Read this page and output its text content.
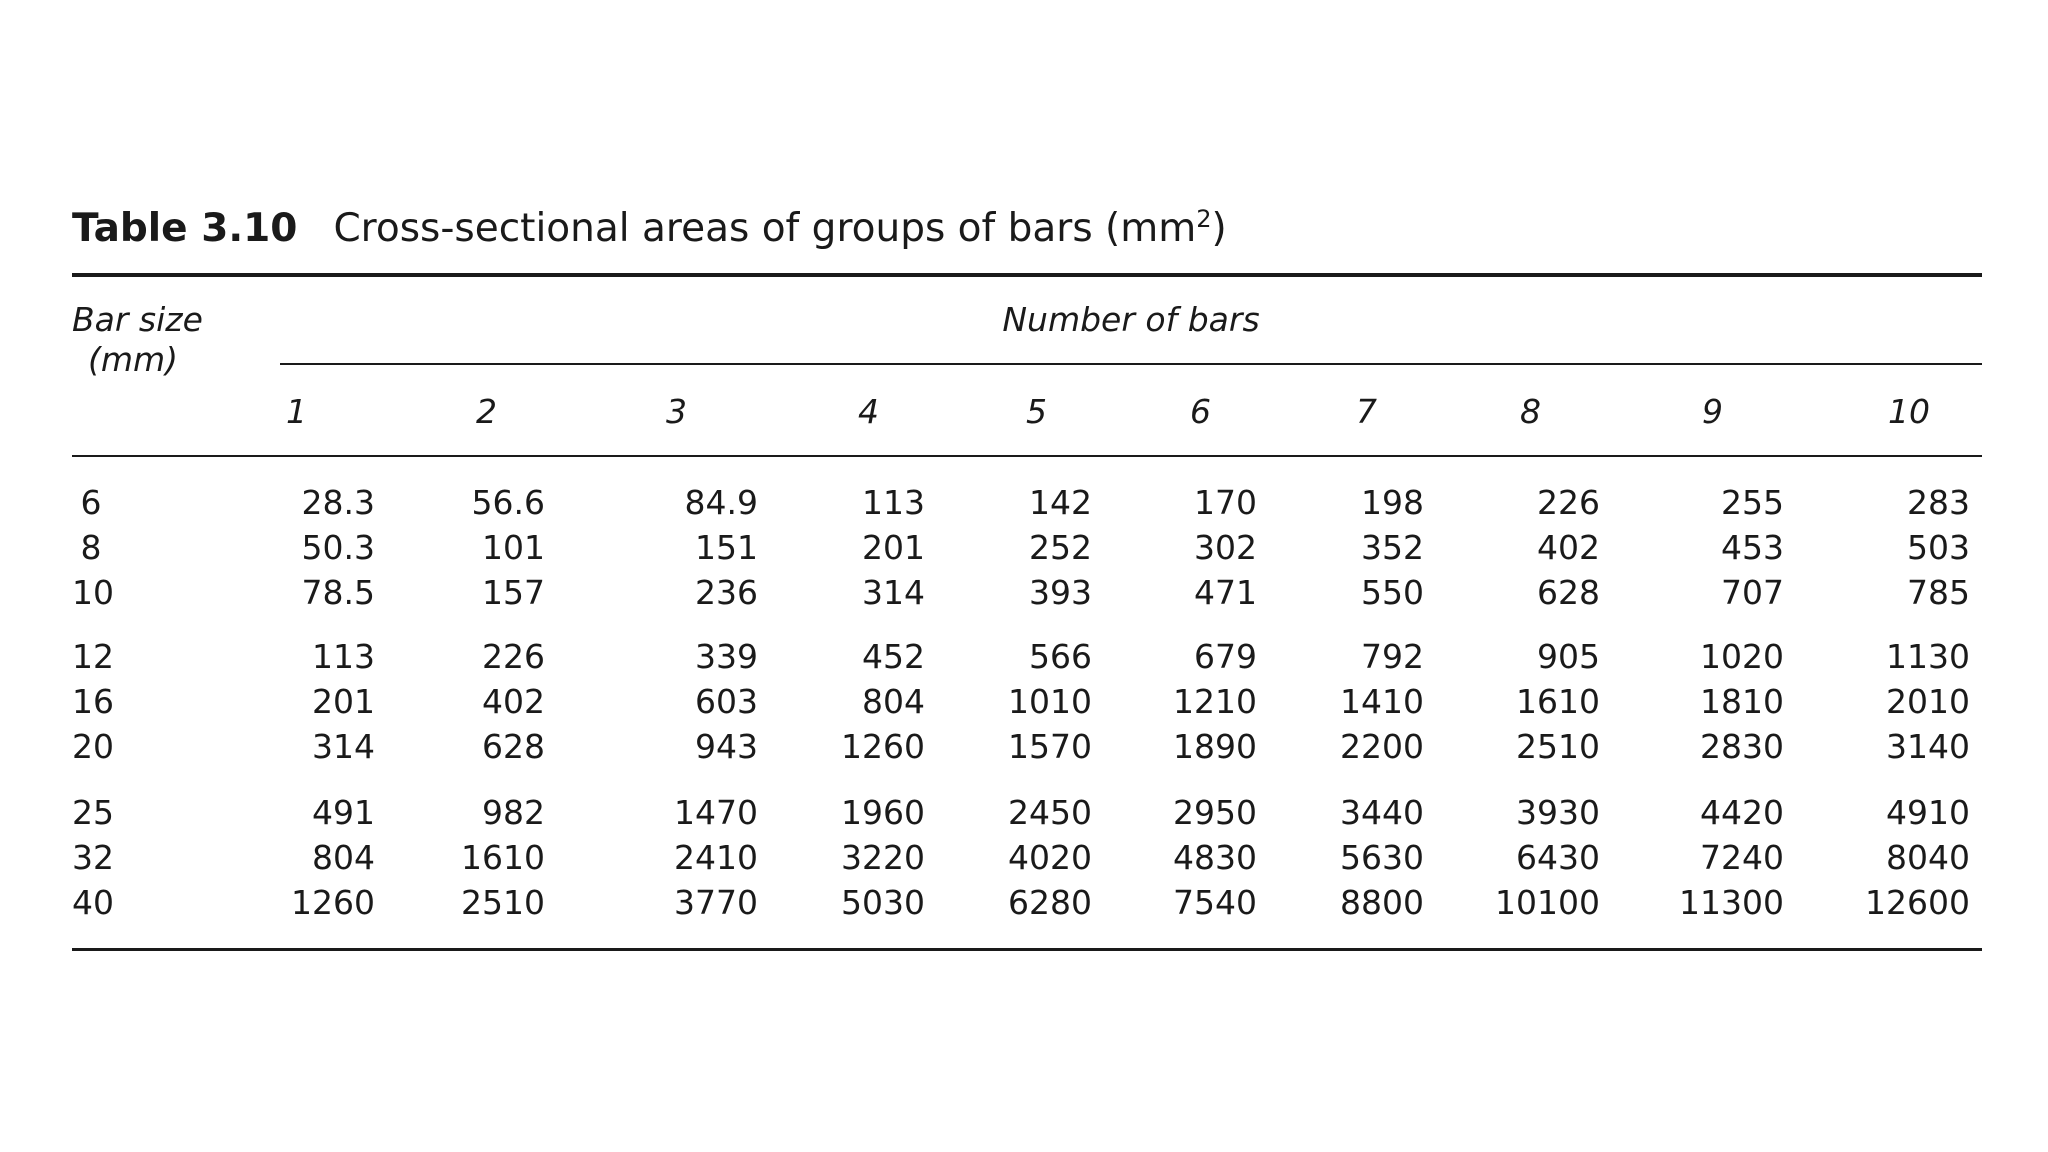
Table 3.10 Cross-sectional areas of groups of bars $(mm^2)$
Bar size
(mm)
Number of bars
1	2	3	4	5	6	7	8	9	10
6	28.3	56.6	84.9	113	142	170	198	226	255	283
8	50.3	101	151	201	252	302	352	402	453	503
10	78.5	157	236	314	393	471	550	628	707	785
12	113	226	339	452	566	679	792	905	1020	1130
16	201	402	603	804	1010 1210	1410	1610	1810	2010
20	314	628	943	1260	1570 1890	2200	2510	2830	3140
25	491	982	1470	1960	2450 2950	3440	3930	4420	4910
32	804	1610	2410	3220	4020 4830	5630	6430	7240	8040
40	1260	2510	3770	5030	6280 7540	8800 10100 11300 12600
